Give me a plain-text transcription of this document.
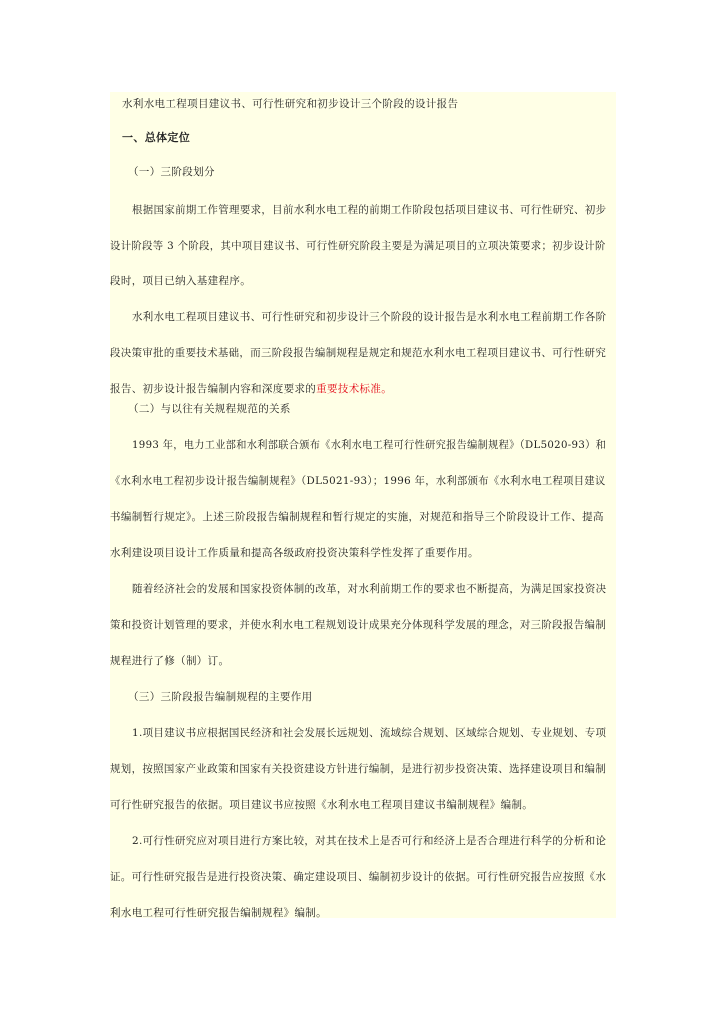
水利水电工程项目建议书、可行性研究和初步设计三个阶段的设计报告
一、总体定位
（一）三阶段划分
根据国家前期工作管理要求，目前水利水电工程的前期工作阶段包括项目建议书、可行性研究、初步
设计阶段等 3 个阶段，其中项目建议书、可行性研究阶段主要是为满足项目的立项决策要求；初步设计阶
段时，项目已纳入基建程序。
水利水电工程项目建议书、可行性研究和初步设计三个阶段的设计报告是水利水电工程前期工作各阶
段决策审批的重要技术基础，而三阶段报告编制规程是规定和规范水利水电工程项目建议书、可行性研究
报告、初步设计报告编制内容和深度要求的重要技术标准。
（二）与以往有关规程规范的关系
1993 年，电力工业部和水利部联合颁布《水利水电工程可行性研究报告编制规程》（DL5020-93）和
《水利水电工程初步设计报告编制规程》（DL5021-93）；1996 年，水利部颁布《水利水电工程项目建议
书编制暂行规定》。上述三阶段报告编制规程和暂行规定的实施，对规范和指导三个阶段设计工作、提高
水利建设项目设计工作质量和提高各级政府投资决策科学性发挥了重要作用。
随着经济社会的发展和国家投资体制的改革，对水利前期工作的要求也不断提高，为满足国家投资决
策和投资计划管理的要求，并使水利水电工程规划设计成果充分体现科学发展的理念，对三阶段报告编制
规程进行了修（制）订。
（三）三阶段报告编制规程的主要作用
1.项目建议书应根据国民经济和社会发展长远规划、流域综合规划、区域综合规划、专业规划、专项
规划，按照国家产业政策和国家有关投资建设方针进行编制，是进行初步投资决策、选择建设项目和编制
可行性研究报告的依据。项目建议书应按照《水利水电工程项目建议书编制规程》编制。
2.可行性研究应对项目进行方案比较，对其在技术上是否可行和经济上是否合理进行科学的分析和论
证。可行性研究报告是进行投资决策、确定建设项目、编制初步设计的依据。可行性研究报告应按照《水
利水电工程可行性研究报告编制规程》编制。
